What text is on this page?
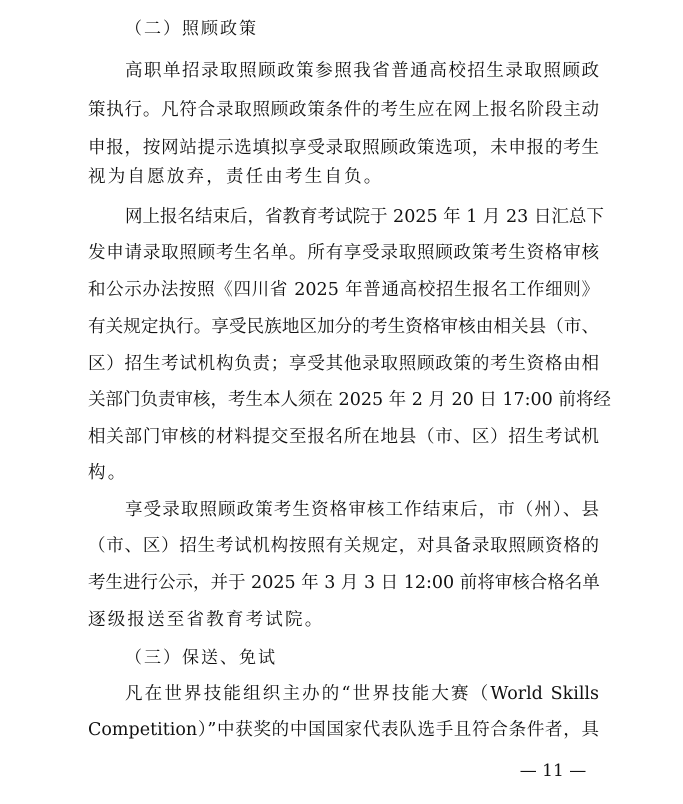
（二）照顾政策
高职单招录取照顾政策参照我省普通高校招生录取照顾政
策执行。凡符合录取照顾政策条件的考生应在网上报名阶段主动
申报，按网站提示选填拟享受录取照顾政策选项，未申报的考生
视为自愿放弃，责任由考生自负。
网上报名结束后，省教育考试院于 2025 年 1 月 23 日汇总下
发申请录取照顾考生名单。所有享受录取照顾政策考生资格审核
和公示办法按照《四川省 2025 年普通高校招生报名工作细则》
有关规定执行。享受民族地区加分的考生资格审核由相关县（市、
区）招生考试机构负责；享受其他录取照顾政策的考生资格由相
关部门负责审核，考生本人须在 2025 年 2 月 20 日 17:00 前将经
相关部门审核的材料提交至报名所在地县（市、区）招生考试机
构。
享受录取照顾政策考生资格审核工作结束后，市（州）、县
（市、区）招生考试机构按照有关规定，对具备录取照顾资格的
考生进行公示，并于 2025 年 3 月 3 日 12:00 前将审核合格名单
逐级报送至省教育考试院。
（三）保送、免试
凡在世界技能组织主办的“世界技能大赛（World Skills
Competition）”中获奖的中国国家代表队选手且符合条件者，具
— 11 —
